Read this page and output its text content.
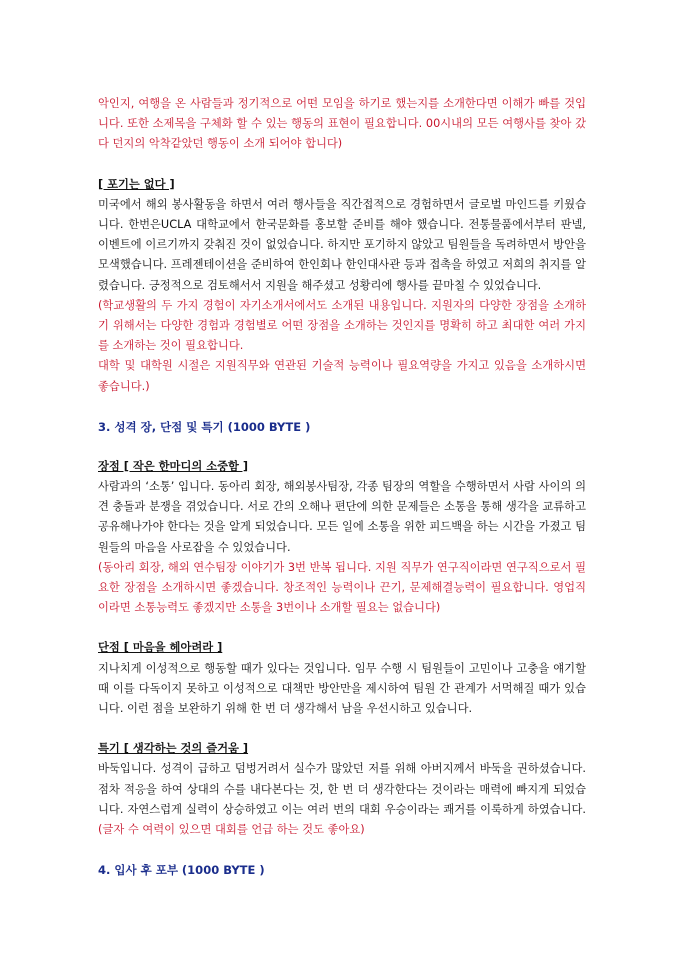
악인지, 여행을 온 사람들과 정기적으로 어떤 모임을 하기로 했는지를 소개한다면 이해가 빠를 것입니다. 또한 소제목을 구체화 할 수 있는 행동의 표현이 필요합니다. 00시내의 모든 여행사를 찾아 갔다 던지의 악착같았던 행동이 소개 되어야 합니다)

[ 포기는 없다 ]

미국에서 해외 봉사활동을 하면서 여러 행사들을 직간접적으로 경험하면서 글로벌 마인드를 키웠습니다. 한번은UCLA 대학교에서 한국문화를 홍보할 준비를 해야 했습니다. 전통물품에서부터 판넬, 이벤트에 이르기까지 갖춰진 것이 없었습니다. 하지만 포기하지 않았고 팀원들을 독려하면서 방안을 모색했습니다. 프레젠테이션을 준비하여 한인회나 한인대사관 등과 접촉을 하였고 저희의 취지를 알렸습니다. 긍정적으로 검토해서서 지원을 해주셨고 성황리에 행사를 끝마칠 수 있었습니다.

(학교생활의 두 가지 경험이 자기소개서에서도 소개된 내용입니다. 지원자의 다양한 장점을 소개하기 위해서는 다양한 경험과 경험별로 어떤 장점을 소개하는 것인지를 명확히 하고 최대한 여러 가지를 소개하는 것이 필요합니다.

대학 및 대학원 시절은 지원직무와 연관된 기술적 능력이나 필요역량을 가지고 있음을 소개하시면 좋습니다.)

3. 성격 장, 단점 및 특기 (1000 BYTE )

장점 [ 작은 한마디의 소중함 ]

사람과의 ‘소통’ 입니다. 동아리 회장, 해외봉사팀장, 각종 팀장의 역할을 수행하면서 사람 사이의 의견 충돌과 분쟁을 겪었습니다. 서로 간의 오해나 편단에 의한 문제들은 소통을 통해 생각을 교류하고 공유해나가야 한다는 것을 알게 되었습니다. 모든 일에 소통을 위한 피드백을 하는 시간을 가졌고 팀원들의 마음을 사로잡을 수 있었습니다.

(동아리 회장, 해외 연수팀장 이야기가 3번 반복 됩니다. 지원 직무가 연구직이라면 연구직으로서 필요한 장점을 소개하시면 좋겠습니다. 창조적인 능력이나 끈기, 문제해결능력이 필요합니다. 영업직이라면 소통능력도 좋겠지만 소통을 3번이나 소개할 필요는 없습니다)

단점 [ 마음을 헤아려라 ]

지나치게 이성적으로 행동할 때가 있다는 것입니다. 임무 수행 시 팀원들이 고민이나 고충을 얘기할 때 이를 다독이지 못하고 이성적으로 대책만 방안만을 제시하여 팀원 간 관계가 서먹해질 때가 있습니다. 이런 점을 보완하기 위해 한 번 더 생각해서 남을 우선시하고 있습니다.

특기 [ 생각하는 것의 즐거움 ]

바둑입니다. 성격이 급하고 덤벙거려서 실수가 많았던 저를 위해 아버지께서 바둑을 권하셨습니다. 점차 적응을 하여 상대의 수를 내다본다는 것, 한 번 더 생각한다는 것이라는 매력에 빠지게 되었습니다. 자연스럽게 실력이 상승하였고 이는 여러 번의 대회 우승이라는 쾌거를 이룩하게 하였습니다. (글자 수 여력이 있으면 대회를 언급 하는 것도 좋아요)

4. 입사 후 포부 (1000 BYTE )
